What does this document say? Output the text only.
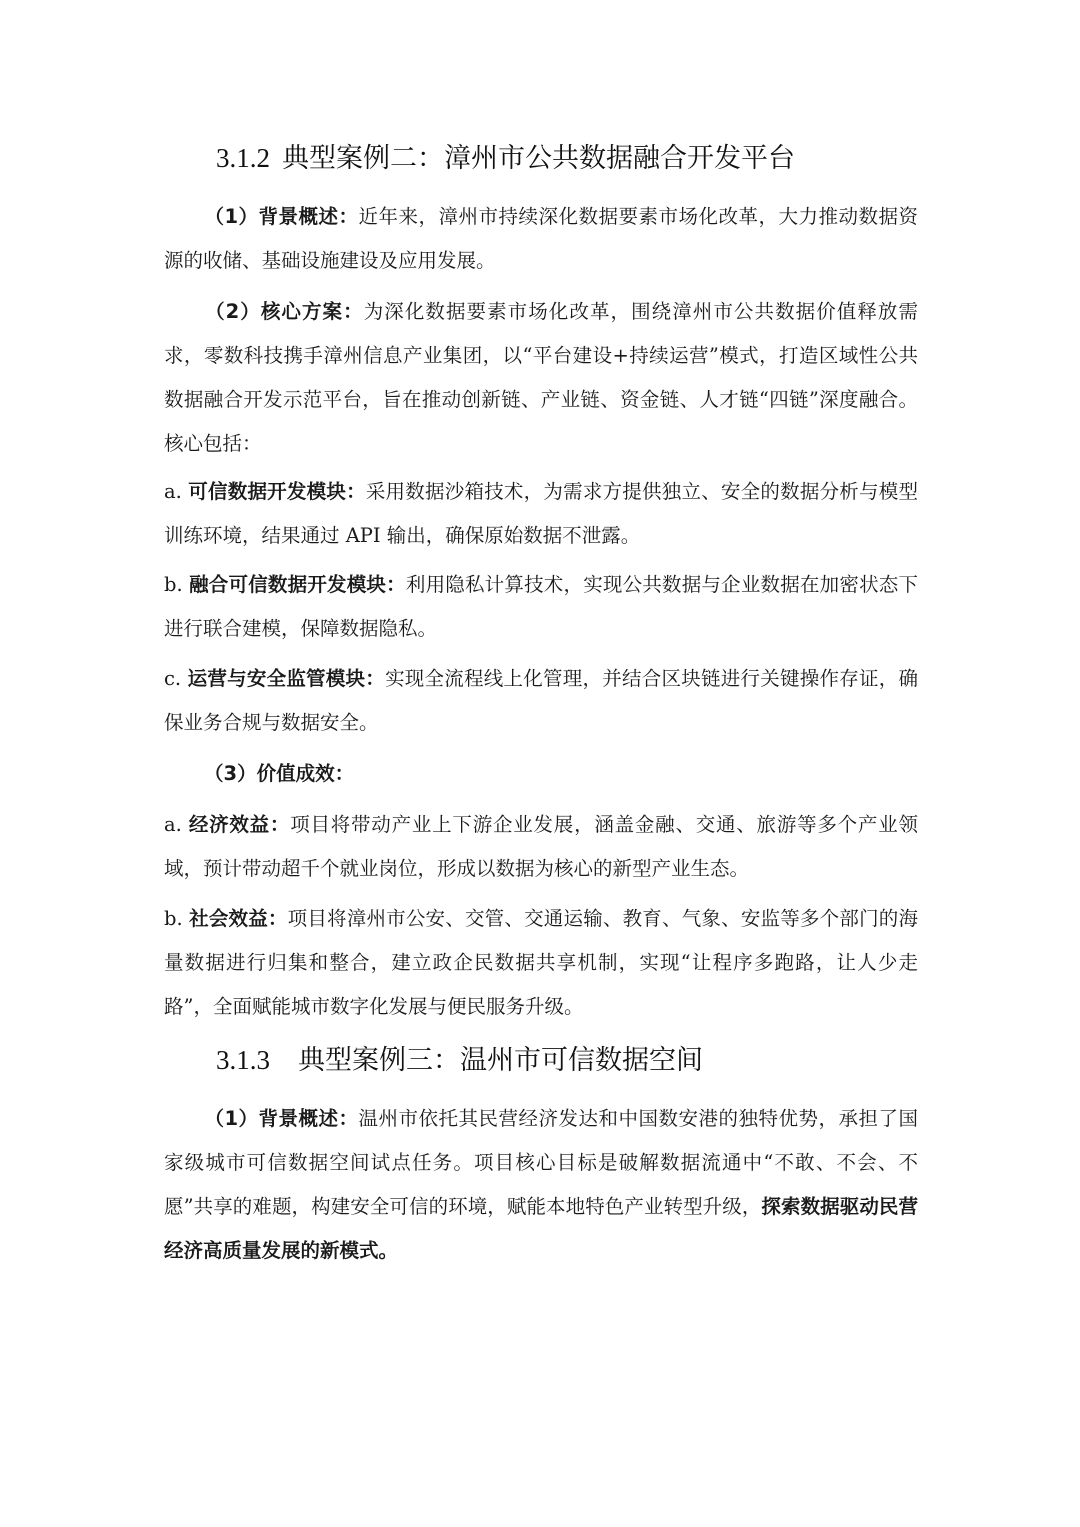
3.1.2 典型案例二：漳州市公共数据融合开发平台
（1）背景概述：近年来，漳州市持续深化数据要素市场化改革，大力推动数据资源的收储、基础设施建设及应用发展。
（2）核心方案：为深化数据要素市场化改革，围绕漳州市公共数据价值释放需求，零数科技携手漳州信息产业集团，以“平台建设+持续运营”模式，打造区域性公共数据融合开发示范平台，旨在推动创新链、产业链、资金链、人才链“四链”深度融合。核心包括：
a. 可信数据开发模块：采用数据沙箱技术，为需求方提供独立、安全的数据分析与模型训练环境，结果通过 API 输出，确保原始数据不泄露。
b. 融合可信数据开发模块：利用隐私计算技术，实现公共数据与企业数据在加密状态下进行联合建模，保障数据隐私。
c. 运营与安全监管模块：实现全流程线上化管理，并结合区块链进行关键操作存证，确保业务合规与数据安全。
（3）价值成效：
a. 经济效益：项目将带动产业上下游企业发展，涵盖金融、交通、旅游等多个产业领域，预计带动超千个就业岗位，形成以数据为核心的新型产业生态。
b. 社会效益：项目将漳州市公安、交管、交通运输、教育、气象、安监等多个部门的海量数据进行归集和整合，建立政企民数据共享机制，实现“让程序多跑路，让人少走路”，全面赋能城市数字化发展与便民服务升级。
3.1.3 典型案例三：温州市可信数据空间
（1）背景概述：温州市依托其民营经济发达和中国数安港的独特优势，承担了国家级城市可信数据空间试点任务。项目核心目标是破解数据流通中“不敢、不会、不愿”共享的难题，构建安全可信的环境，赋能本地特色产业转型升级，探索数据驱动民营经济高质量发展的新模式。
